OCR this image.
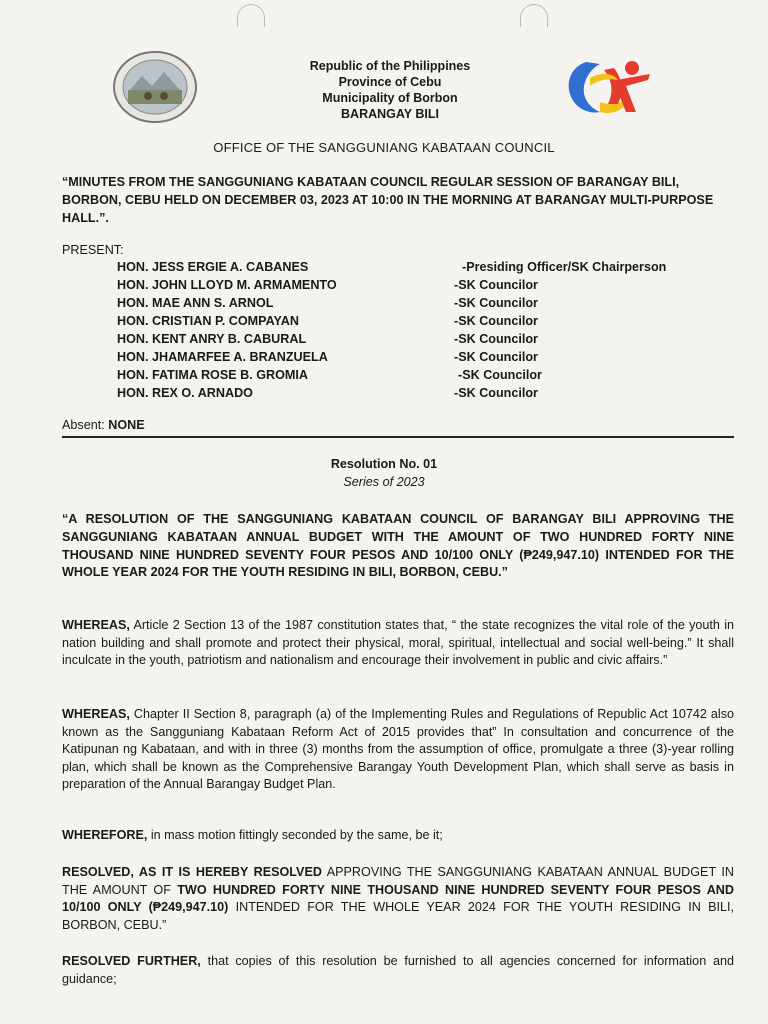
Republic of the Philippines
Province of Cebu
Municipality of Borbon
BARANGAY BILI
OFFICE OF THE SANGGUNIANG KABATAAN COUNCIL
“MINUTES FROM THE SANGGUNIANG KABATAAN COUNCIL REGULAR SESSION OF BARANGAY BILI, BORBON, CEBU HELD ON DECEMBER 03, 2023 AT 10:00 IN THE MORNING AT BARANGAY MULTI-PURPOSE HALL.”.
PRESENT:
HON. JESS ERGIE A. CABANES	-Presiding Officer/SK Chairperson
HON. JOHN LLOYD M. ARMAMENTO	-SK Councilor
HON. MAE ANN S. ARNOL	-SK Councilor
HON. CRISTIAN P. COMPAYAN	-SK Councilor
HON. KENT ANRY B. CABURAL	-SK Councilor
HON. JHAMARFEE A. BRANZUELA	-SK Councilor
HON. FATIMA ROSE B. GROMIA	-SK Councilor
HON. REX O. ARNADO	-SK Councilor
Absent: NONE
Resolution No. 01
Series of 2023
“A RESOLUTION OF THE SANGGUNIANG KABATAAN COUNCIL OF BARANGAY BILI APPROVING THE SANGGUNIANG KABATAAN ANNUAL BUDGET WITH THE AMOUNT OF TWO HUNDRED FORTY NINE THOUSAND NINE HUNDRED SEVENTY FOUR PESOS AND 10/100 ONLY (₱249,947.10) INTENDED FOR THE WHOLE YEAR 2024 FOR THE YOUTH RESIDING IN BILI, BORBON, CEBU.”
WHEREAS, Article 2 Section 13 of the 1987 constitution states that, “ the state recognizes the vital role of the youth in nation building and shall promote and protect their physical, moral, spiritual, intellectual and social well-being.” It shall inculcate in the youth, patriotism and nationalism and encourage their involvement in public and civic affairs.”
WHEREAS, Chapter II Section 8, paragraph (a) of the Implementing Rules and Regulations of Republic Act 10742 also known as the Sangguniang Kabataan Reform Act of 2015 provides that” In consultation and concurrence of the Katipunan ng Kabataan, and with in three (3) months from the assumption of office, promulgate a three (3)-year rolling plan, which shall be known as the Comprehensive Barangay Youth Development Plan, which shall serve as basis in preparation of the Annual Barangay Budget Plan.
WHEREFORE, in mass motion fittingly seconded by the same, be it;
RESOLVED, AS IT IS HEREBY RESOLVED APPROVING THE SANGGUNIANG KABATAAN ANNUAL BUDGET IN THE AMOUNT OF TWO HUNDRED FORTY NINE THOUSAND NINE HUNDRED SEVENTY FOUR PESOS AND 10/100 ONLY (₱249,947.10) INTENDED FOR THE WHOLE YEAR 2024 FOR THE YOUTH RESIDING IN BILI, BORBON, CEBU.”
RESOLVED FURTHER, that copies of this resolution be furnished to all agencies concerned for information and guidance;
